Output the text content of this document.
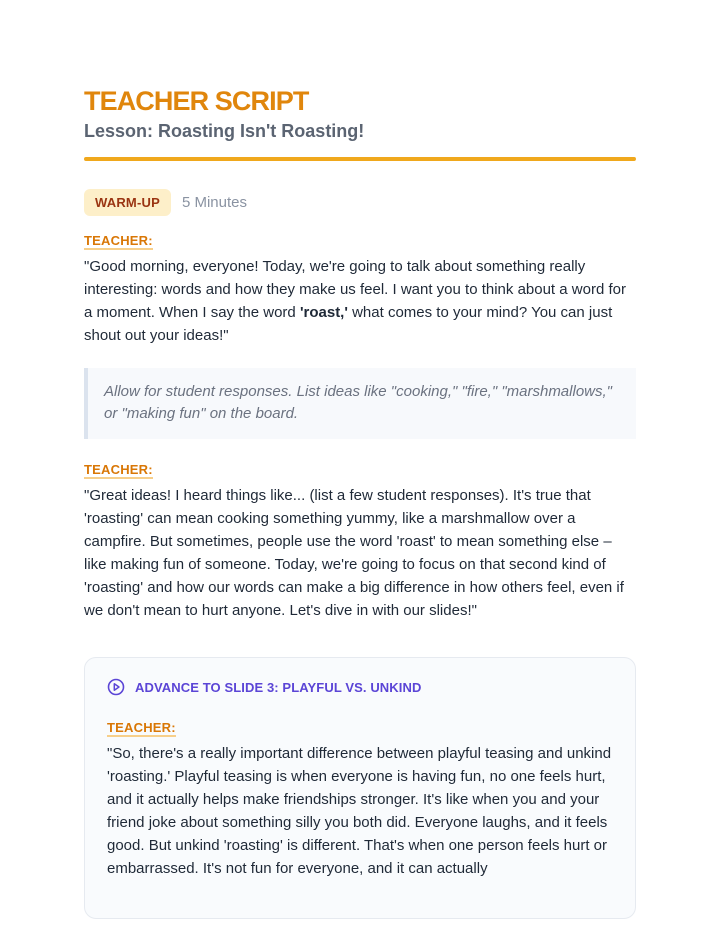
TEACHER SCRIPT
Lesson: Roasting Isn't Roasting!
WARM-UP	5 Minutes
TEACHER:

"Good morning, everyone! Today, we're going to talk about something really interesting: words and how they make us feel. I want you to think about a word for a moment. When I say the word 'roast,' what comes to your mind? You can just shout out your ideas!"

Allow for student responses. List ideas like "cooking," "fire," "marshmallows," or "making fun" on the board.
TEACHER:

"Great ideas! I heard things like... (list a few student responses). It's true that 'roasting' can mean cooking something yummy, like a marshmallow over a campfire. But sometimes, people use the word 'roast' to mean something else – like making fun of someone. Today, we're going to focus on that second kind of 'roasting' and how our words can make a big difference in how others feel, even if we don't mean to hurt anyone. Let's dive in with our slides!"

ADVANCE TO SLIDE 3: PLAYFUL VS. UNKIND
TEACHER:

"So, there's a really important difference between playful teasing and unkind 'roasting.' Playful teasing is when everyone is having fun, no one feels hurt, and it actually helps make friendships stronger. It's like when you and your friend joke about something silly you both did. Everyone laughs, and it feels good. But unkind 'roasting' is different. That's when one person feels hurt or embarrassed. It's not fun for everyone, and it can actually
